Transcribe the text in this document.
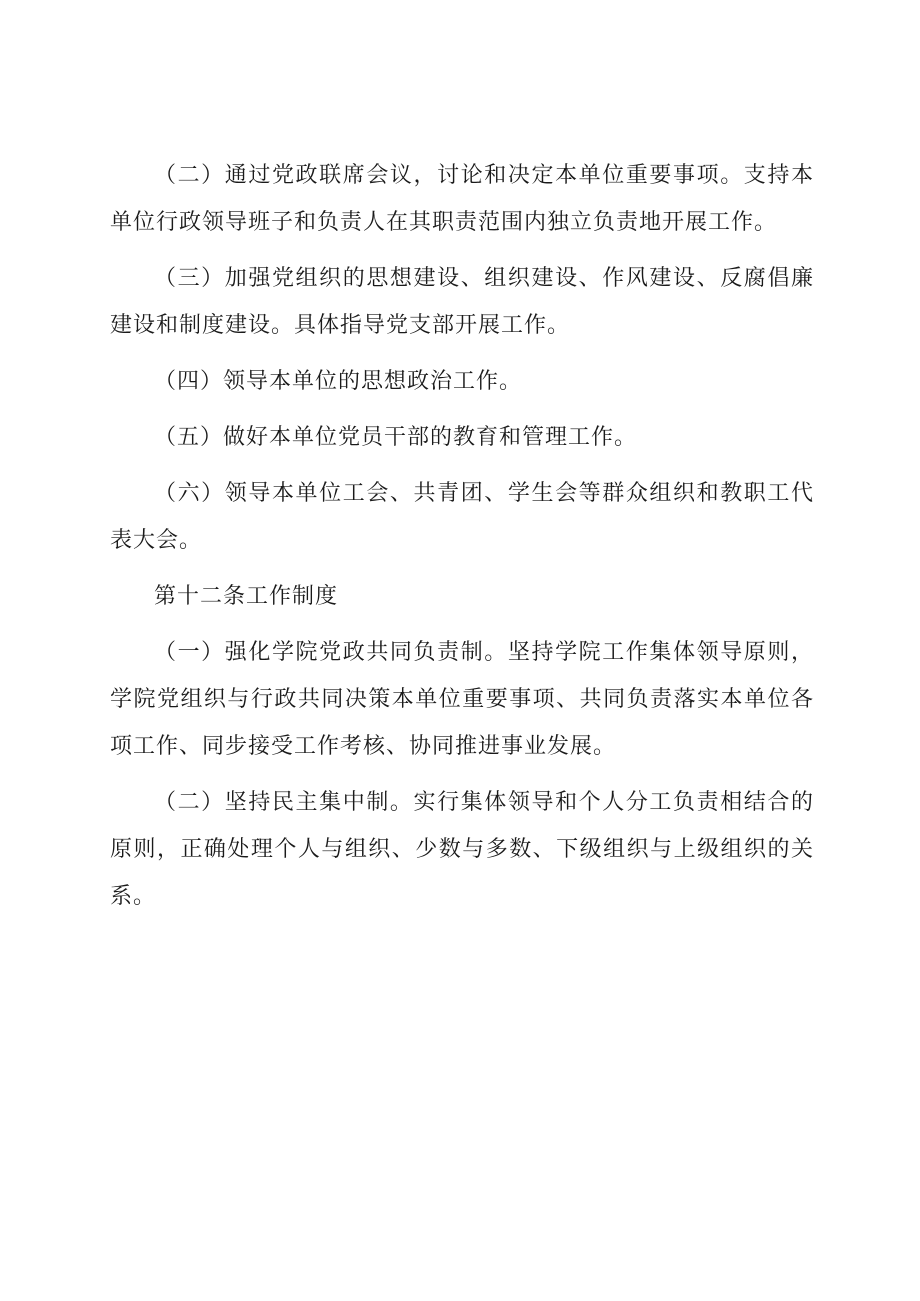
（二）通过党政联席会议，讨论和决定本单位重要事项。支持本单位行政领导班子和负责人在其职责范围内独立负责地开展工作。

（三）加强党组织的思想建设、组织建设、作风建设、反腐倡廉建设和制度建设。具体指导党支部开展工作。

（四）领导本单位的思想政治工作。

（五）做好本单位党员干部的教育和管理工作。

（六）领导本单位工会、共青团、学生会等群众组织和教职工代表大会。

第十二条工作制度

（一）强化学院党政共同负责制。坚持学院工作集体领导原则，学院党组织与行政共同决策本单位重要事项、共同负责落实本单位各项工作、同步接受工作考核、协同推进事业发展。

（二）坚持民主集中制。实行集体领导和个人分工负责相结合的原则，正确处理个人与组织、少数与多数、下级组织与上级组织的关系。
